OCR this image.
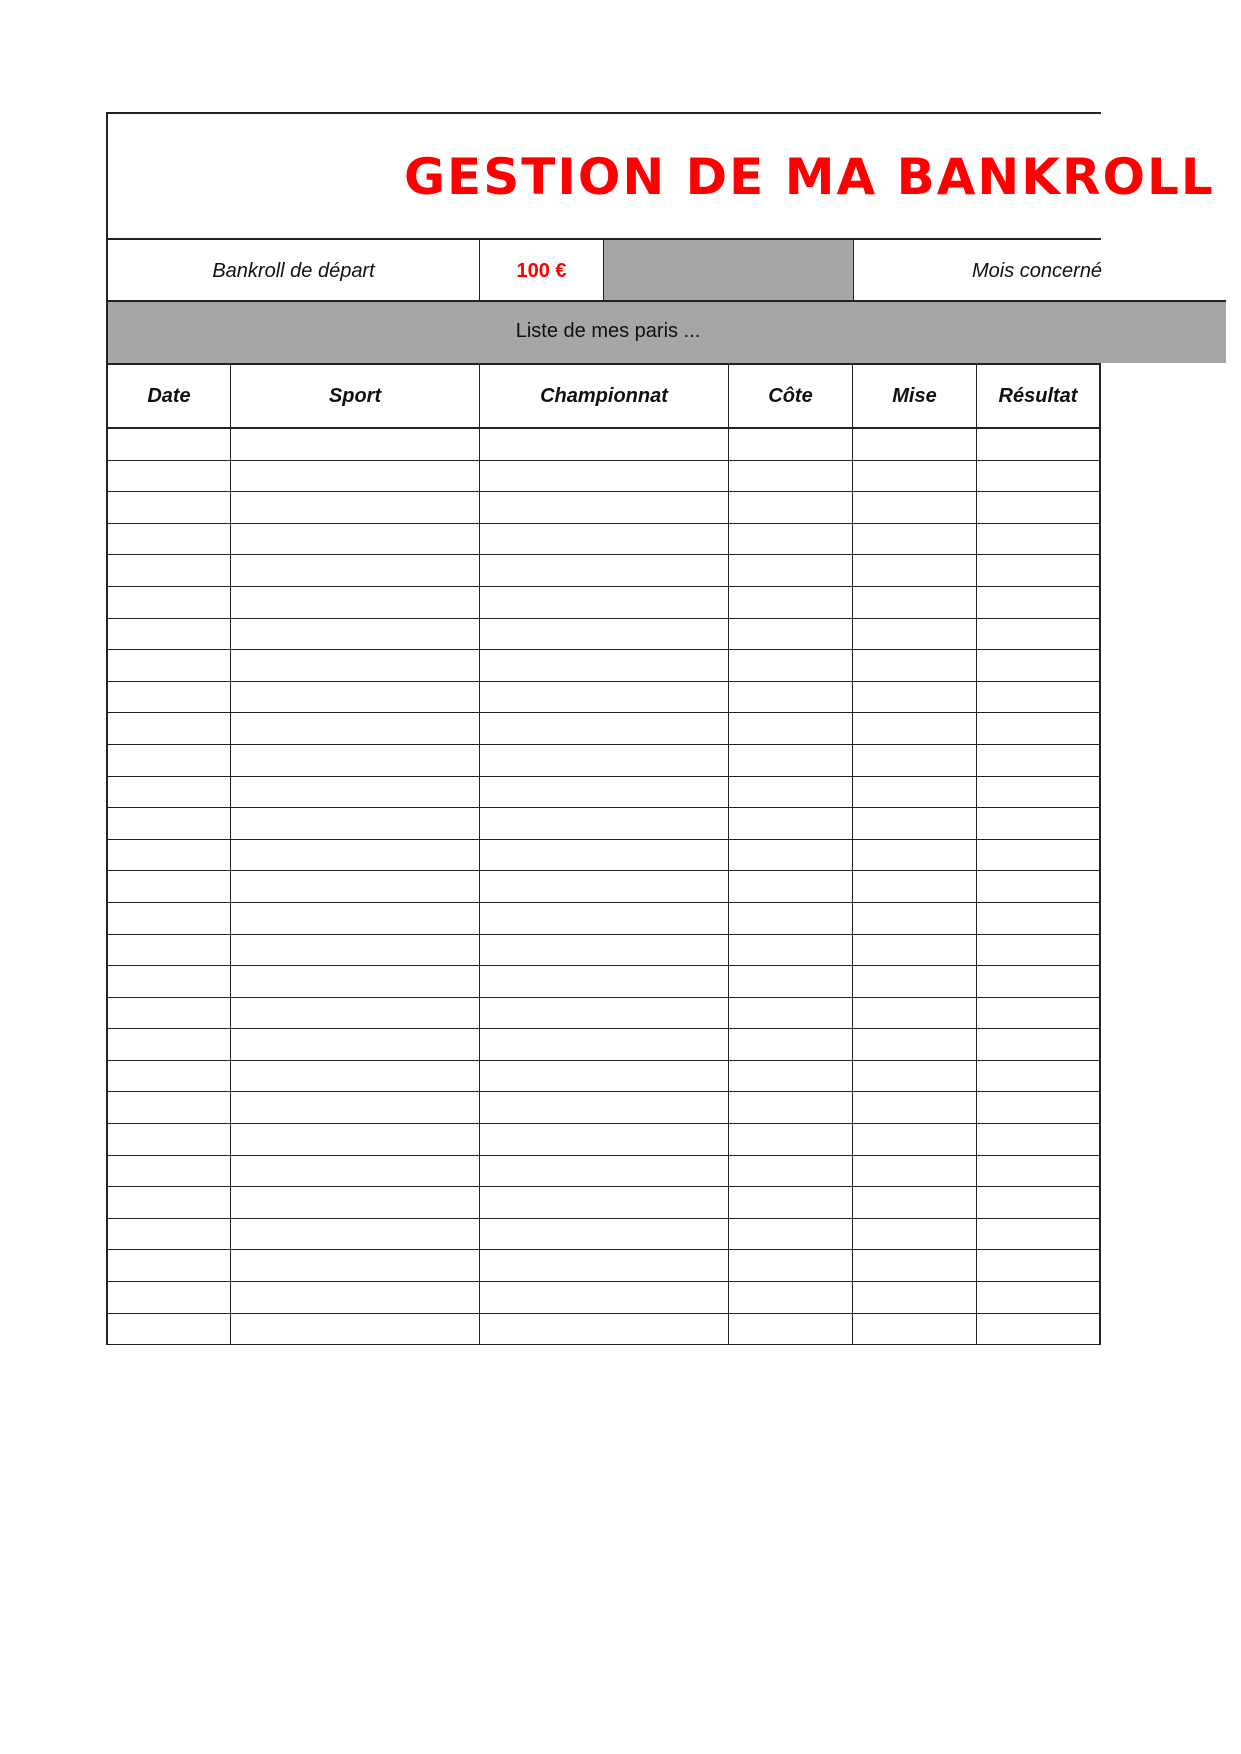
GESTION DE MA BANKROLL
Bankroll de départ	100 €	Mois concerné
Liste de mes paris ...
Date	Sport	Championnat	Côte	Mise	Résultat
